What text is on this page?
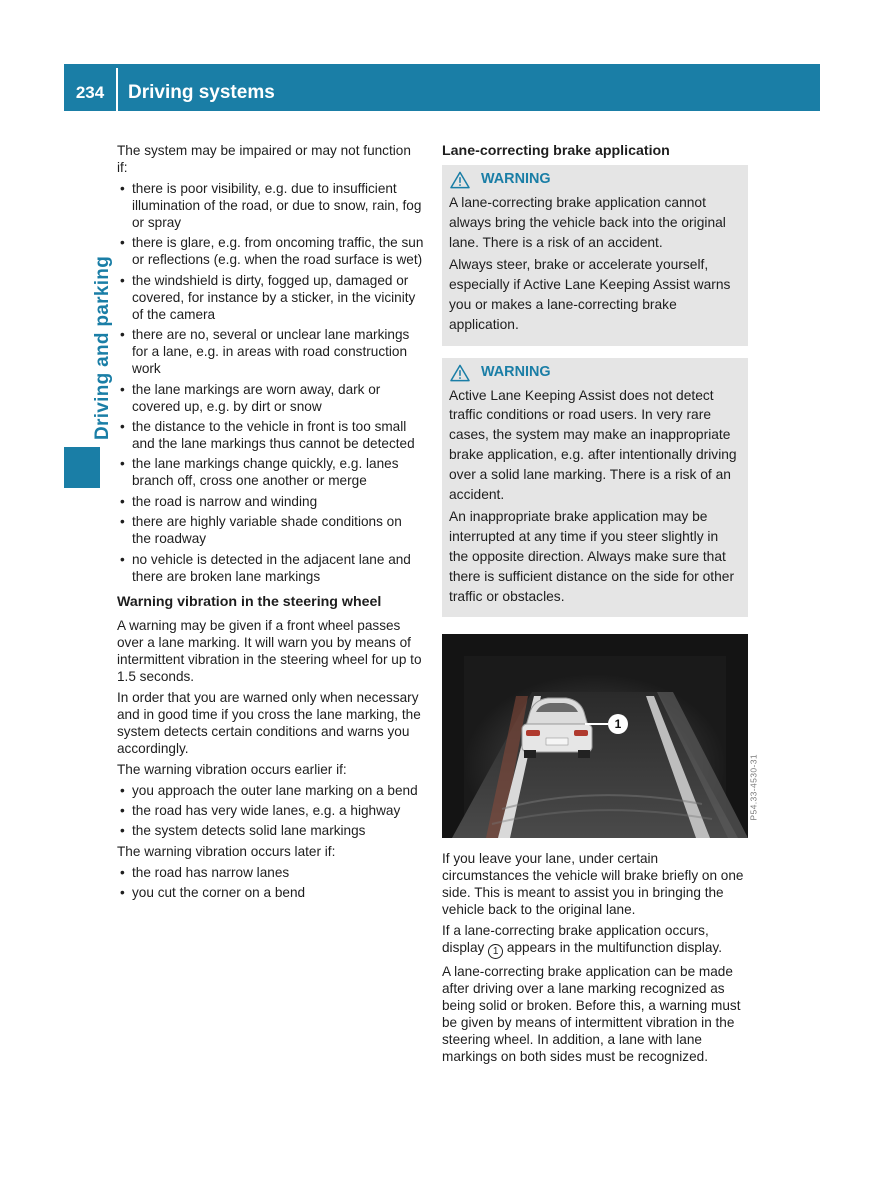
234	Driving systems
Driving and parking

The system may be impaired or may not function if:

• there is poor visibility, e.g. due to insufficient illumination of the road, or due to snow, rain, fog or spray
• there is glare, e.g. from oncoming traffic, the sun or reflections (e.g. when the road surface is wet)
• the windshield is dirty, fogged up, damaged or covered, for instance by a sticker, in the vicinity of the camera
• there are no, several or unclear lane markings for a lane, e.g. in areas with road construction work
• the lane markings are worn away, dark or covered up, e.g. by dirt or snow
• the distance to the vehicle in front is too small and the lane markings thus cannot be detected
• the lane markings change quickly, e.g. lanes branch off, cross one another or merge
• the road is narrow and winding
• there are highly variable shade conditions on the roadway
• no vehicle is detected in the adjacent lane and there are broken lane markings
Warning vibration in the steering wheel

A warning may be given if a front wheel passes over a lane marking. It will warn you by means of intermittent vibration in the steering wheel for up to 1.5 seconds.

In order that you are warned only when necessary and in good time if you cross the lane marking, the system detects certain conditions and warns you accordingly.

The warning vibration occurs earlier if:

• you approach the outer lane marking on a bend
• the road has very wide lanes, e.g. a highway
• the system detects solid lane markings

The warning vibration occurs later if:

• the road has narrow lanes
• you cut the corner on a bend
Lane-correcting brake application
WARNING

A lane-correcting brake application cannot always bring the vehicle back into the original lane. There is a risk of an accident.

Always steer, brake or accelerate yourself, especially if Active Lane Keeping Assist warns you or makes a lane-correcting brake application.

WARNING

Active Lane Keeping Assist does not detect traffic conditions or road users. In very rare cases, the system may make an inappropriate brake application, e.g. after intentionally driving over a solid lane marking. There is a risk of an accident.

An inappropriate brake application may be interrupted at any time if you steer slightly in the opposite direction. Always make sure that there is sufficient distance on the side for other traffic or obstacles.

1
P54.33-4530-31

If you leave your lane, under certain circumstances the vehicle will brake briefly on one side. This is meant to assist you in bringing the vehicle back to the original lane.

If a lane-correcting brake application occurs, display 1 appears in the multifunction display.

A lane-correcting brake application can be made after driving over a lane marking recognized as being solid or broken. Before this, a warning must be given by means of intermittent vibration in the steering wheel. In addition, a lane with lane markings on both sides must be recognized.
